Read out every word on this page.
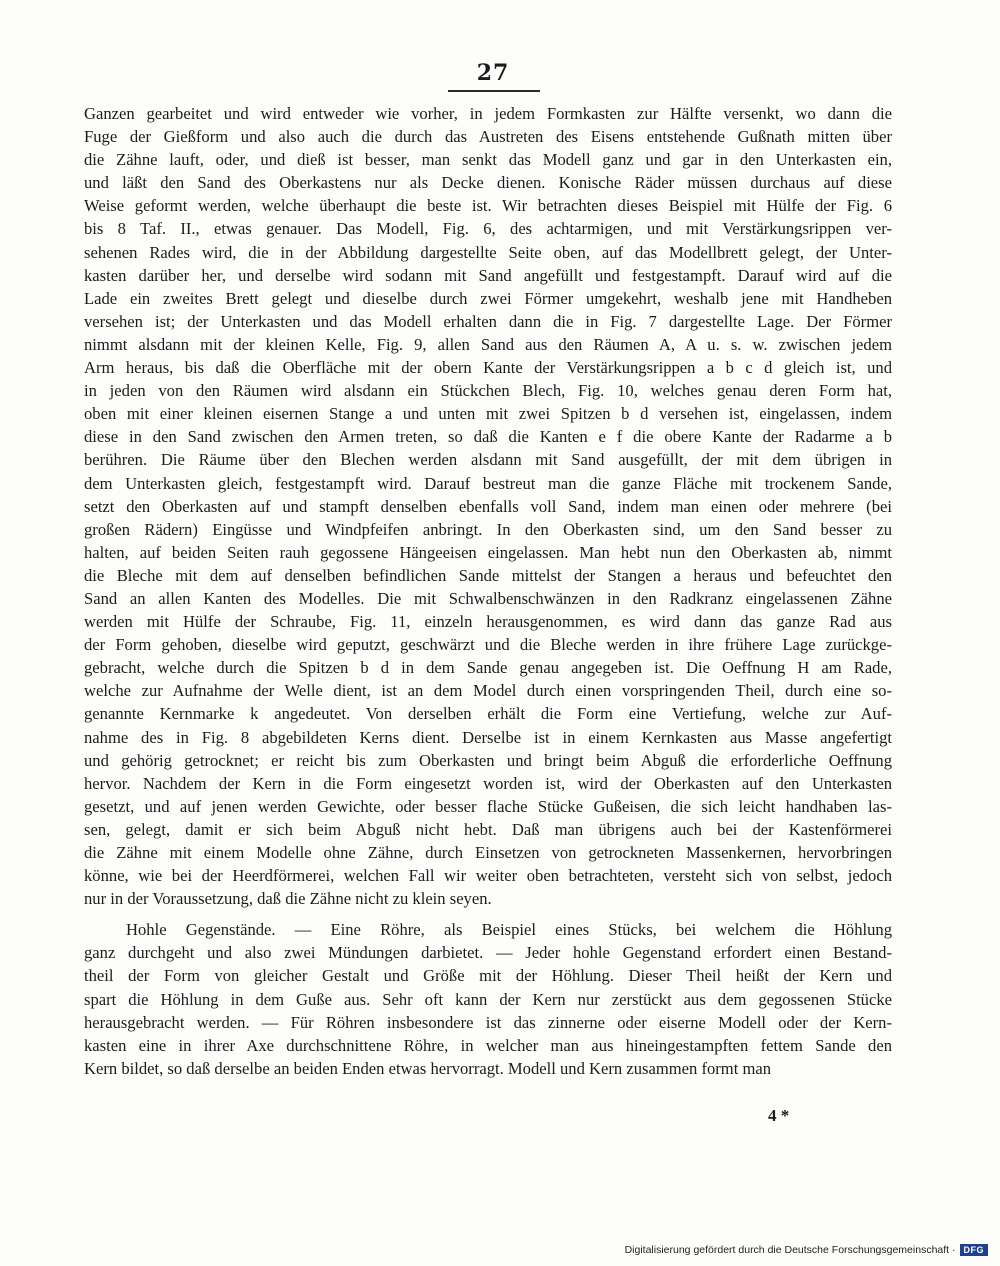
27
Ganzen gearbeitet und wird entweder wie vorher, in jedem Formkasten zur Hälfte versenkt, wo dann die
Fuge der Gießform und also auch die durch das Austreten des Eisens entstehende Gußnath mitten über
die Zähne lauft, oder, und dieß ist besser, man senkt das Modell ganz und gar in den Unterkasten ein,
und läßt den Sand des Oberkastens nur als Decke dienen. Konische Räder müssen durchaus auf diese
Weise geformt werden, welche überhaupt die beste ist. Wir betrachten dieses Beispiel mit Hülfe der Fig. 6
bis 8 Taf. II., etwas genauer. Das Modell, Fig. 6, des achtarmigen, und mit Verstärkungsrippen ver-
sehenen Rades wird, die in der Abbildung dargestellte Seite oben, auf das Modellbrett gelegt, der Unter-
kasten darüber her, und derselbe wird sodann mit Sand angefüllt und festgestampft. Darauf wird auf die
Lade ein zweites Brett gelegt und dieselbe durch zwei Förmer umgekehrt, weshalb jene mit Handheben
versehen ist; der Unterkasten und das Modell erhalten dann die in Fig. 7 dargestellte Lage. Der Förmer
nimmt alsdann mit der kleinen Kelle, Fig. 9, allen Sand aus den Räumen A, A u. s. w. zwischen jedem
Arm heraus, bis daß die Oberfläche mit der obern Kante der Verstärkungsrippen a b c d gleich ist, und
in jeden von den Räumen wird alsdann ein Stückchen Blech, Fig. 10, welches genau deren Form hat,
oben mit einer kleinen eisernen Stange a und unten mit zwei Spitzen b d versehen ist, eingelassen, indem
diese in den Sand zwischen den Armen treten, so daß die Kanten e f die obere Kante der Radarme a b
berühren. Die Räume über den Blechen werden alsdann mit Sand ausgefüllt, der mit dem übrigen in
dem Unterkasten gleich, festgestampft wird. Darauf bestreut man die ganze Fläche mit trockenem Sande,
setzt den Oberkasten auf und stampft denselben ebenfalls voll Sand, indem man einen oder mehrere (bei
großen Rädern) Eingüsse und Windpfeifen anbringt. In den Oberkasten sind, um den Sand besser zu
halten, auf beiden Seiten rauh gegossene Hängeeisen eingelassen. Man hebt nun den Oberkasten ab, nimmt
die Bleche mit dem auf denselben befindlichen Sande mittelst der Stangen a heraus und befeuchtet den
Sand an allen Kanten des Modelles. Die mit Schwalbenschwänzen in den Radkranz eingelassenen Zähne
werden mit Hülfe der Schraube, Fig. 11, einzeln herausgenommen, es wird dann das ganze Rad aus
der Form gehoben, dieselbe wird geputzt, geschwärzt und die Bleche werden in ihre frühere Lage zurückge-
gebracht, welche durch die Spitzen b d in dem Sande genau angegeben ist. Die Oeffnung H am Rade,
welche zur Aufnahme der Welle dient, ist an dem Model durch einen vorspringenden Theil, durch eine so-
genannte Kernmarke k angedeutet. Von derselben erhält die Form eine Vertiefung, welche zur Auf-
nahme des in Fig. 8 abgebildeten Kerns dient. Derselbe ist in einem Kernkasten aus Masse angefertigt
und gehörig getrocknet; er reicht bis zum Oberkasten und bringt beim Abguß die erforderliche Oeffnung
hervor. Nachdem der Kern in die Form eingesetzt worden ist, wird der Oberkasten auf den Unterkasten
gesetzt, und auf jenen werden Gewichte, oder besser flache Stücke Gußeisen, die sich leicht handhaben las-
sen, gelegt, damit er sich beim Abguß nicht hebt. Daß man übrigens auch bei der Kastenförmerei
die Zähne mit einem Modelle ohne Zähne, durch Einsetzen von getrockneten Massenkernen, hervorbringen
könne, wie bei der Heerdförmerei, welchen Fall wir weiter oben betrachteten, versteht sich von selbst, jedoch
nur in der Voraussetzung, daß die Zähne nicht zu klein seyen.
Hohle Gegenstände. — Eine Röhre, als Beispiel eines Stücks, bei welchem die Höhlung
ganz durchgeht und also zwei Mündungen darbietet. — Jeder hohle Gegenstand erfordert einen Bestand-
theil der Form von gleicher Gestalt und Größe mit der Höhlung. Dieser Theil heißt der Kern und
spart die Höhlung in dem Guße aus. Sehr oft kann der Kern nur zerstückt aus dem gegossenen Stücke
herausgebracht werden. — Für Röhren insbesondere ist das zinnerne oder eiserne Modell oder der Kern-
kasten eine in ihrer Axe durchschnittene Röhre, in welcher man aus hineingestampften fettem Sande den
Kern bildet, so daß derselbe an beiden Enden etwas hervorragt. Modell und Kern zusammen formt man
4 *
Digitalisierung gefördert durch die Deutsche Forschungsgemeinschaft · DFG
